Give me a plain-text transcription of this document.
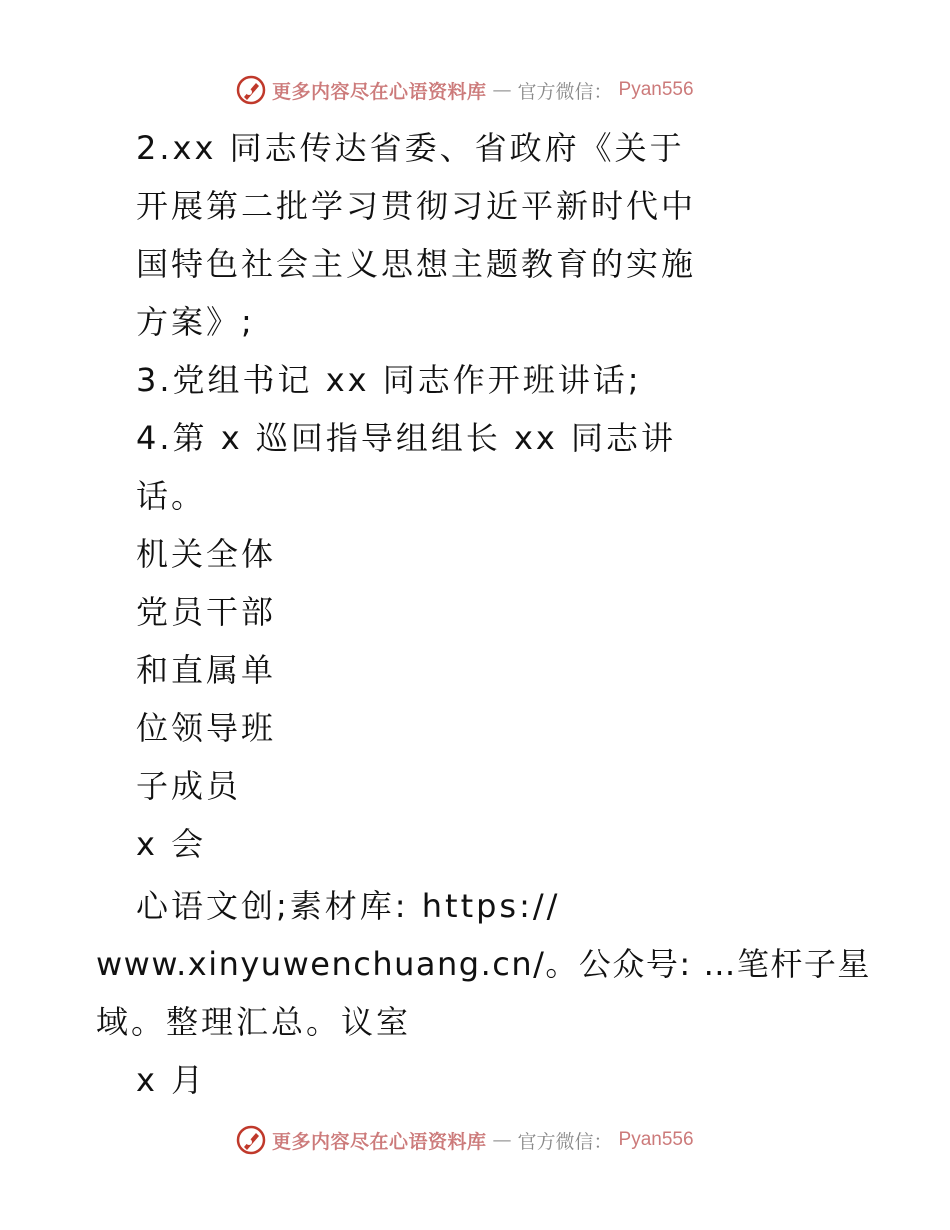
更多内容尽在心语资料库 — 官方微信： Pyan556
2.xx 同志传达省委、省政府《关于
开展第二批学习贯彻习近平新时代中
国特色社会主义思想主题教育的实施
方案》;
3.党组书记 xx 同志作开班讲话;
4.第 x 巡回指导组组长 xx 同志讲
话。
机关全体
党员干部
和直属单
位领导班
子成员
x 会
心语文创;素材库: https://
www.xinyuwenchuang.cn/。公众号: …笔杆子星
域。整理汇总。议室
x 月
更多内容尽在心语资料库 — 官方微信： Pyan556
